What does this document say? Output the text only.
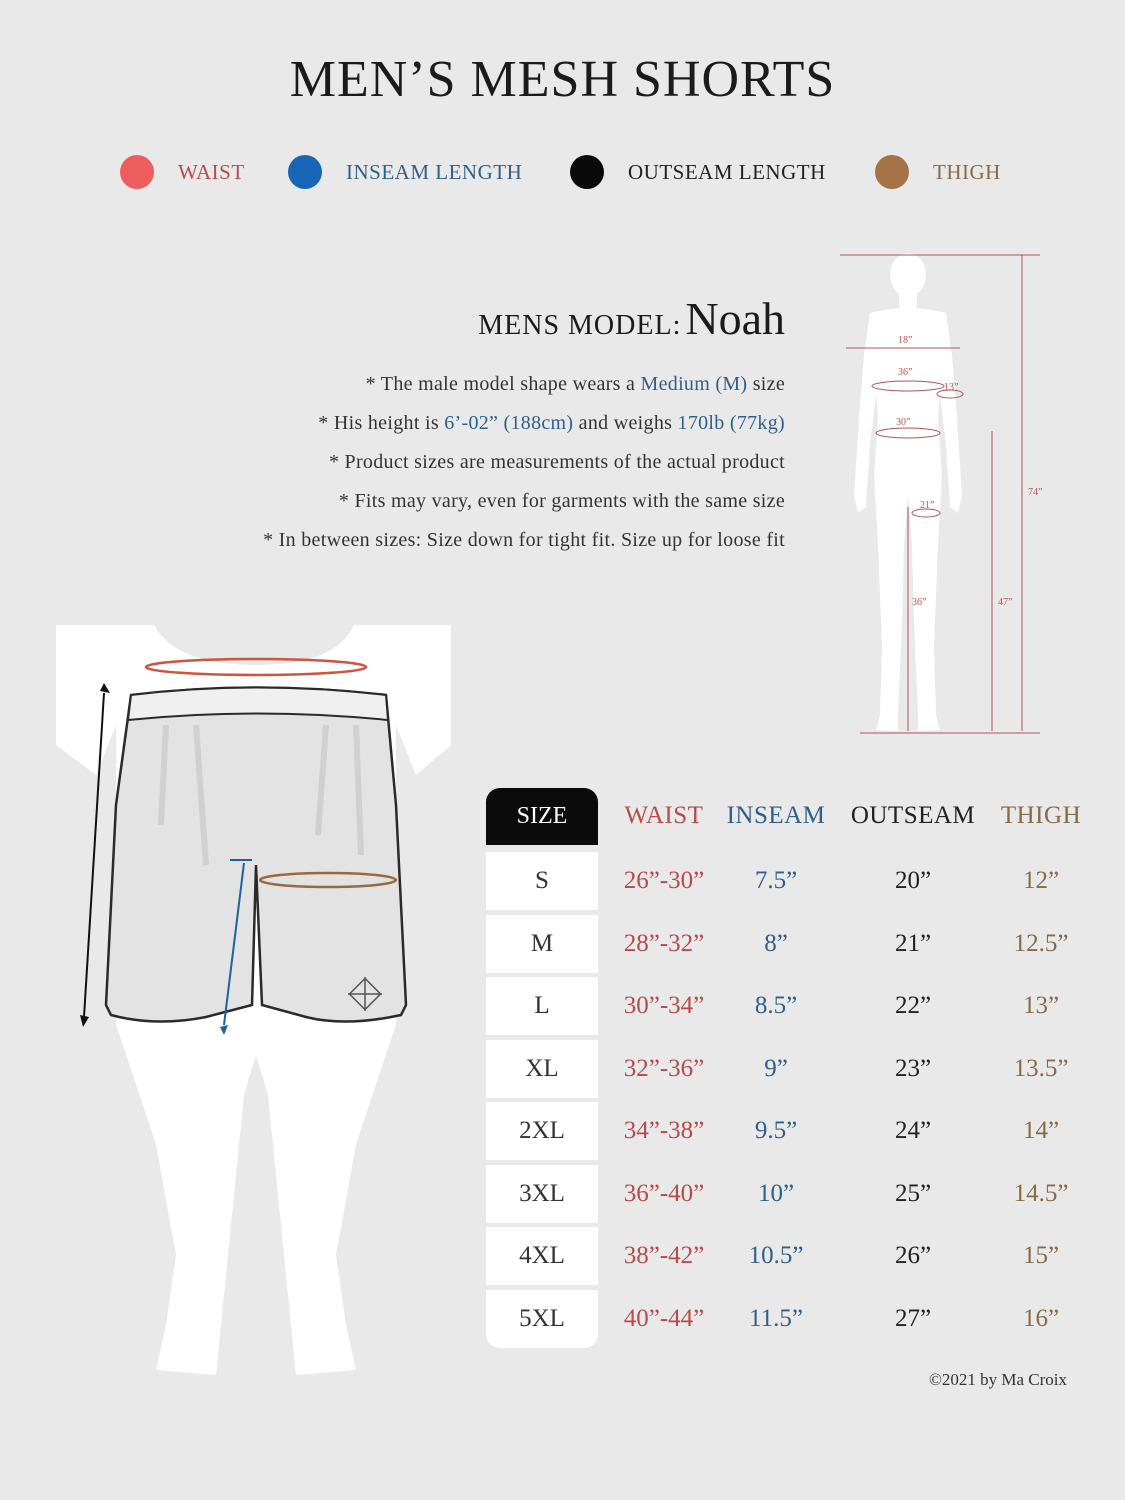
MEN’S MESH SHORTS
WAIST	INSEAM LENGTH	OUTSEAM LENGTH	THIGH
MENS MODEL: Noah
* The male model shape wears a Medium (M) size
* His height is 6’-02” (188cm) and weighs 170lb (77kg)
* Product sizes are measurements of the actual product
* Fits may vary, even for garments with the same size
* In between sizes: Size down for tight fit. Size up for loose fit
18”
36”
13”
30”
21”
36”	47”
74”
SIZE	WAIST INSEAM	OUTSEAM	THIGH
S	26”-30”	7.5”	20”	12”
M	28”-32”	8”	21”	12.5”
L	30”-34”	8.5”	22”	13”
XL	32”-36”	9”	23”	13.5”
2XL	34”-38”	9.5”	24”	14”
3XL	36”-40”	10”	25”	14.5”
4XL	38”-42”	10.5”	26”	15”
5XL	40”-44”	11.5”	27”	16”
©2021 by Ma Croix
